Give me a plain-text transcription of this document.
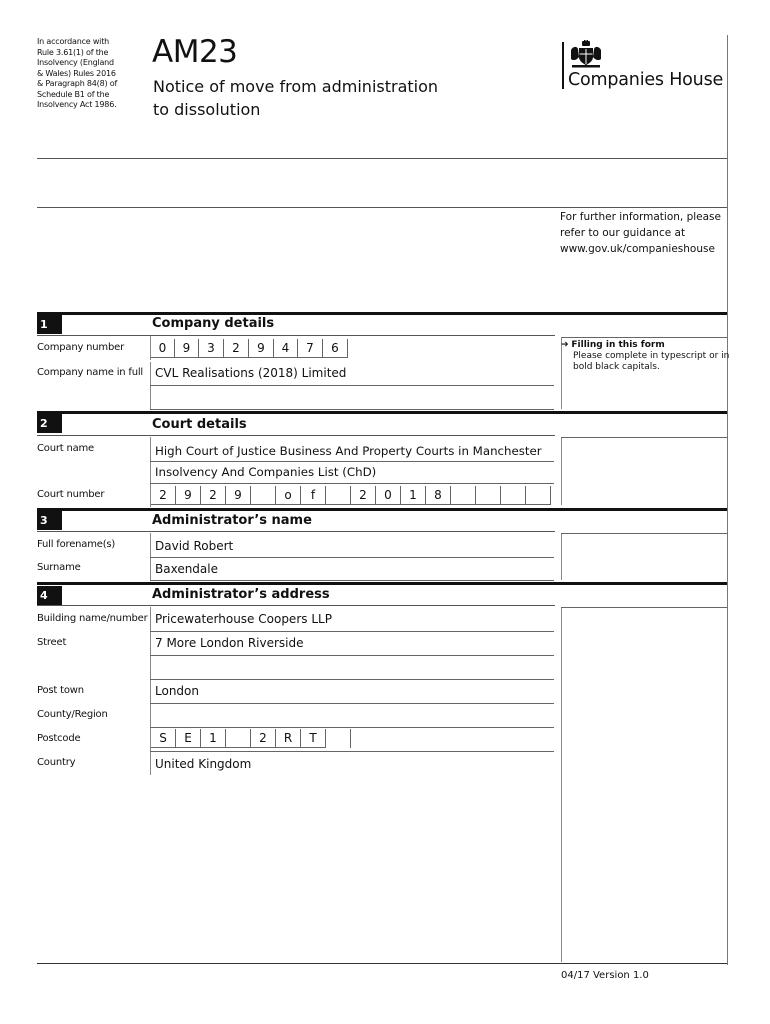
In accordance with
Rule 3.61(1) of the
Insolvency (England
& Wales) Rules 2016
& Paragraph 84(8) of
Schedule B1 of the
Insolvency Act 1986.
AM23
Notice of move from administration
to dissolution
Companies House
For further information, please
refer to our guidance at
www.gov.uk/companieshouse
1	Company details
Company number	0	9	3	2	9	4	7	6
Company name in full CVL Realisations (2018) Limited
➔ Filling in this form
Please complete in typescript or in
bold black capitals.
2	Court details
Court name	High Court of Justice Business And Property Courts in Manchester
Insolvency And Companies List (ChD)
Court number	2	9	2	9	o	f	2	0	1	8
3	Administrator’s name
Full forename(s)	David Robert
Surname	Baxendale
4	Administrator’s address
Building name/number Pricewaterhouse Coopers LLP
Street	7 More London Riverside
Post town	London
County/Region
Postcode	S	E	1	2	R	T
Country	United Kingdom
04/17 Version 1.0
